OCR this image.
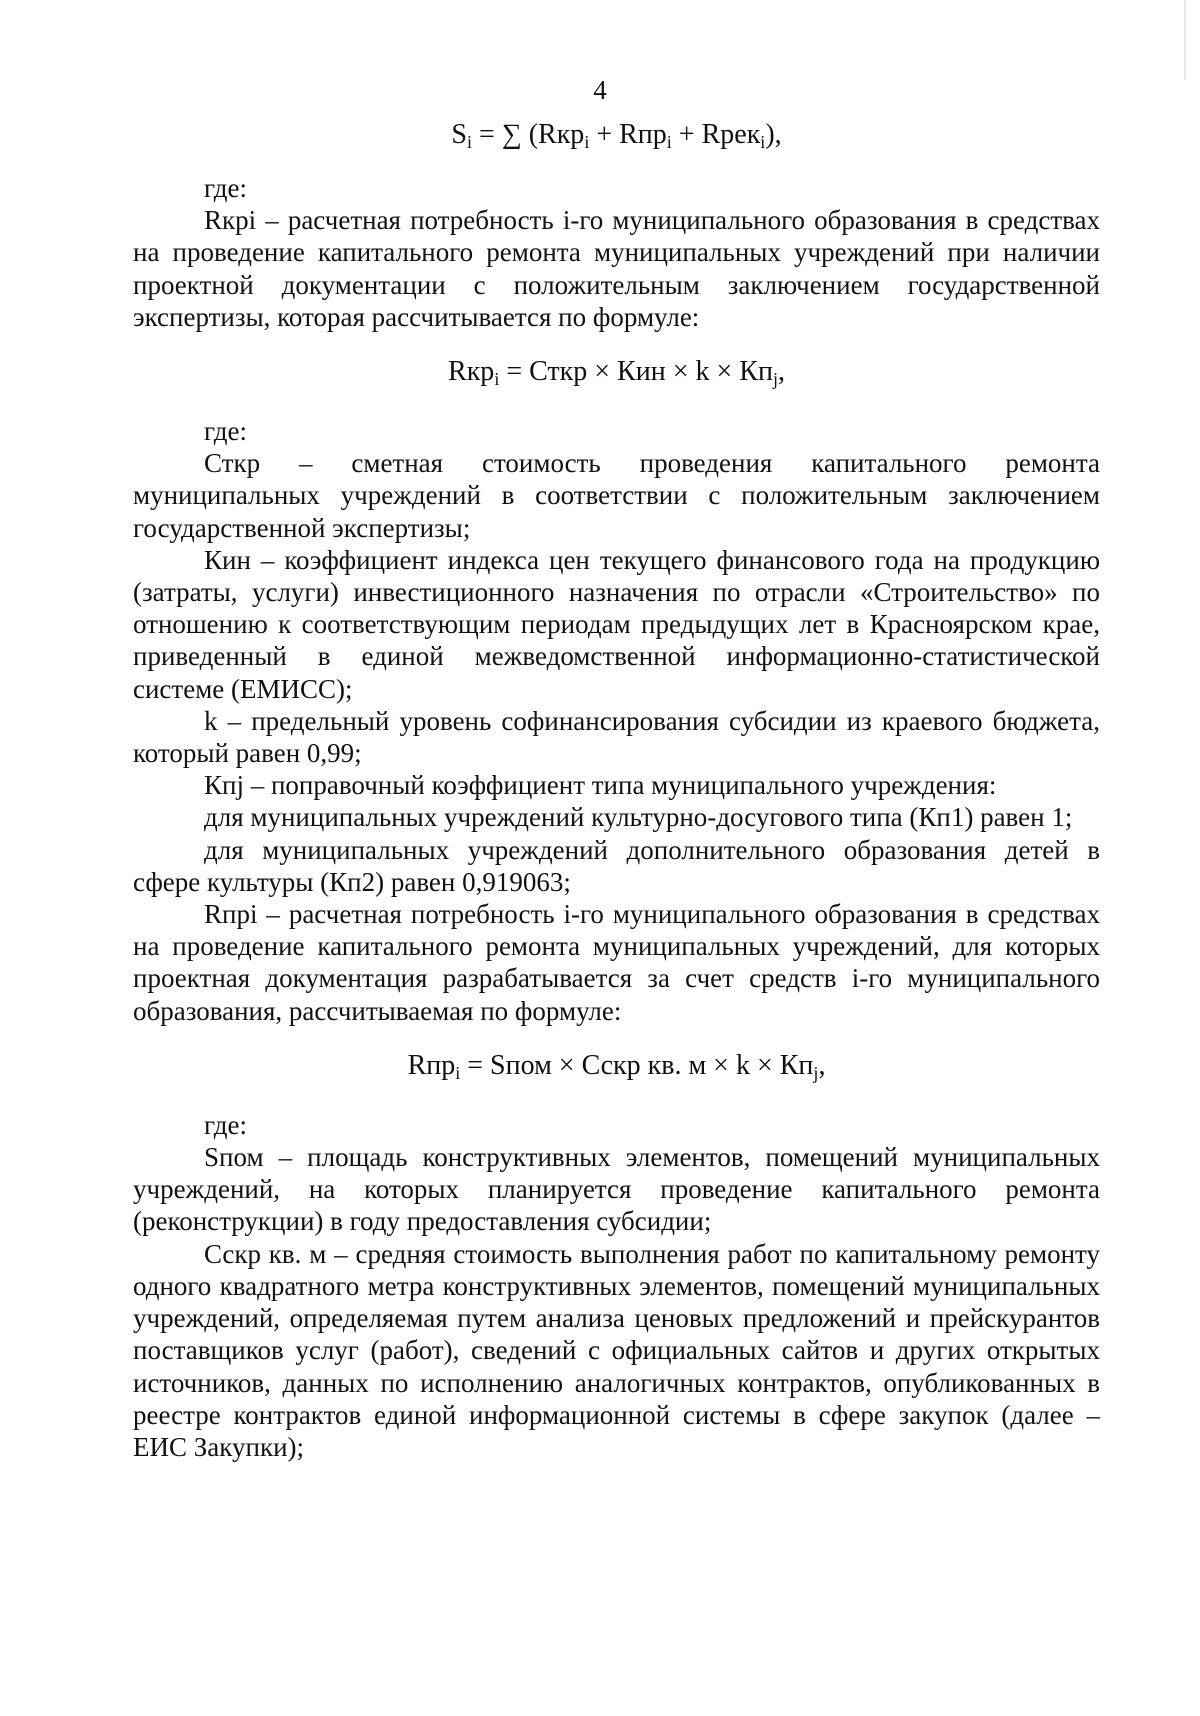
4
$S_i$ = ∑ (Rкр$_i$ + Rпр$_i$ + Rрек$_i$),

где:

Rкрi – расчетная потребность i-го муниципального образования в средствах на проведение капитального ремонта муниципальных учреждений при наличии проектной документации с положительным заключением государственной экспертизы, которая рассчитывается по формуле:

Rкр$_i$ = Сткр × Кин × $k \times Кп_j$,

где:

Сткр – сметная стоимость проведения капитального ремонта муниципальных учреждений в соответствии с положительным заключением государственной экспертизы;

Кин – коэффициент индекса цен текущего финансового года на продукцию (затраты, услуги) инвестиционного назначения по отрасли «Строительство» по отношению к соответствующим периодам предыдущих лет в Красноярском крае, приведенный в единой межведомственной информационно-статистической системе (ЕМИСС);

k – предельный уровень софинансирования субсидии из краевого бюджета, который равен 0,99;

Кпj – поправочный коэффициент типа муниципального учреждения:

для муниципальных учреждений культурно-досугового типа (Кп1) равен 1;

для муниципальных учреждений дополнительного образования детей в сфере культуры (Кп2) равен 0,919063;

Rпрi – расчетная потребность i-го муниципального образования в средствах на проведение капитального ремонта муниципальных учреждений, для которых проектная документация разрабатывается за счет средств i-го муниципального образования, рассчитываемая по формуле:

Rпр$_i$ = Sпом × Сскр кв. $м \times k \times Кп_j$,

где:

Sпом – площадь конструктивных элементов, помещений муниципальных учреждений, на которых планируется проведение капитального ремонта (реконструкции) в году предоставления субсидии;

Сскр кв. м – средняя стоимость выполнения работ по капитальному ремонту одного квадратного метра конструктивных элементов, помещений муниципальных учреждений, определяемая путем анализа ценовых предложений и прейскурантов поставщиков услуг (работ), сведений с официальных сайтов и других открытых источников, данных по исполнению аналогичных контрактов, опубликованных в реестре контрактов единой информационной системы в сфере закупок (далее – ЕИС Закупки);
